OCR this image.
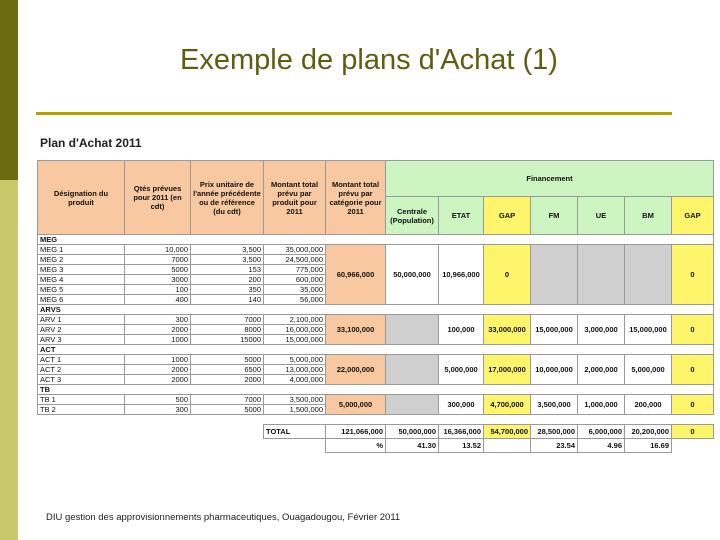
Exemple de plans d'Achat (1)
Plan d'Achat 2011
Désignation du produit	Qtés prévues pour 2011 (en cdt)	Prix unitaire de l'année précédente ou de référence (du cdt)	Montant total prévu par produit pour 2011	Montant total prévu par catégorie pour 2011	Financement						
					Centrale (Population)	ETAT	GAP	FM	UE	BM	GAP
MEG											
MEG 1	10,000	3,500	35,000,000	60,966,000	50,000,000	10,966,000	0				0
MEG 2	7000	3,500	24,500,000								
MEG 3	5000	153	775,000								
MEG 4	3000	200	600,000								
MEG 5	100	350	35,000								
MEG 6	400	140	56,000								
ARVS											
ARV 1	300	7000	2,100,000	33,100,000		100,000	33,000,000	15,000,000	3,000,000	15,000,000	0
ARV 2	2000	8000	16,000,000								
ARV 3	1000	15000	15,000,000								
ACT											
ACT 1	1000	5000	5,000,000	22,000,000		5,000,000	17,000,000	10,000,000	2,000,000	5,000,000	0
ACT 2	2000	6500	13,000,000								
ACT 3	2000	2000	4,000,000								
TB											
TB 1	500	7000	3,500,000	5,000,000		300,000	4,700,000	3,500,000	1,000,000	200,000	0
TB 2	300	5000	1,500,000								

			TOTAL	121,066,000	50,000,000	16,366,000	54,700,000	28,500,000	6,000,000	20,200,000	0
				%	41.30	13.52		23.54	4.96	16.69	
DIU gestion des approvisionnements pharmaceutiques, Ouagadougou, Février 2011
